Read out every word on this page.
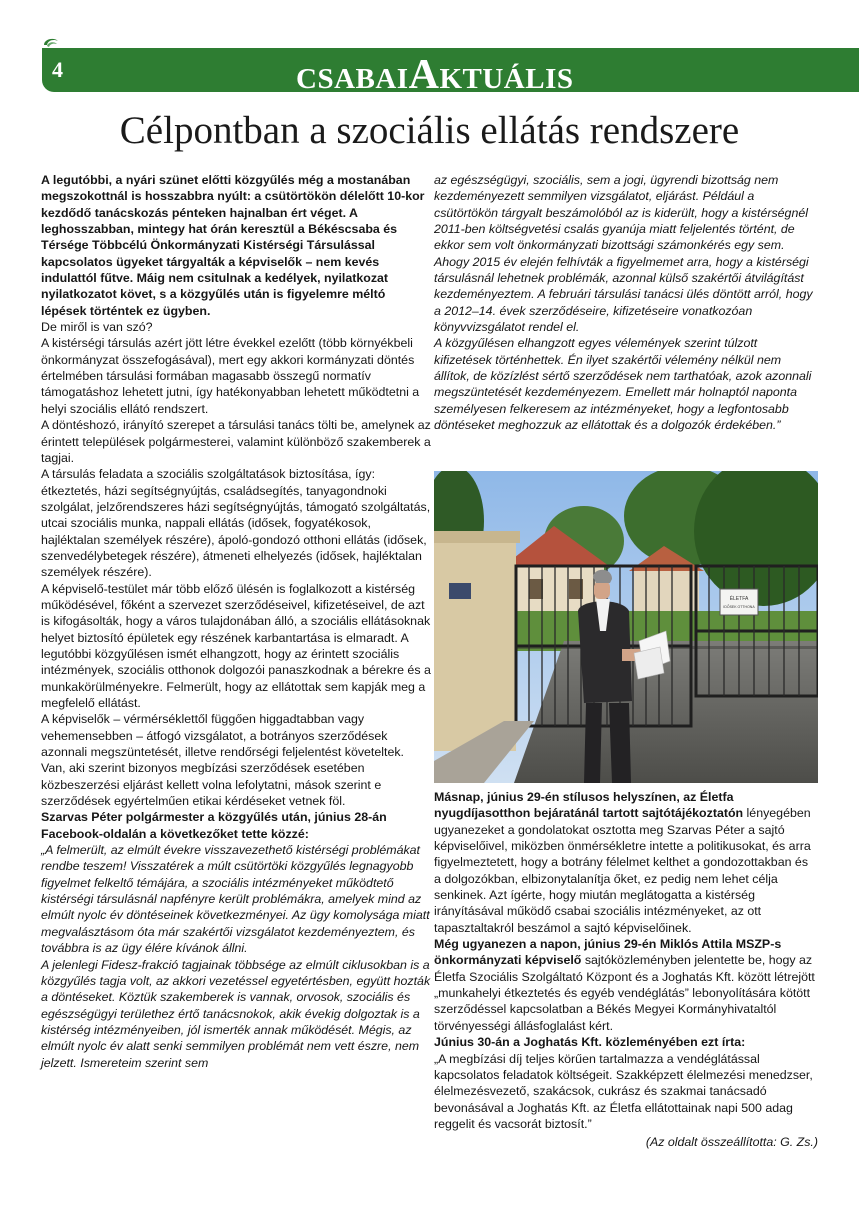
4	CSABAIAKTUÁLIS
Célpontban a szociális ellátás rendszere

A legutóbbi, a nyári szünet előtti közgyűlés még a mostanában megszokottnál is hosszabbra nyúlt: a csütörtökön délelőtt 10-kor kezdődő tanácskozás pénteken hajnalban ért véget. A leghosszabban, mintegy hat órán keresztül a Békéscsaba és Térsége Többcélú Önkormányzati Kistérségi Társulással kapcsolatos ügyeket tárgyalták a képviselők – nem kevés indulattól fűtve. Máig nem csitulnak a kedélyek, nyilatkozat nyilatkozatot követ, s a közgyűlés után is figyelemre méltó lépések történtek ez ügyben.

De miről is van szó?

A kistérségi társulás azért jött létre évekkel ezelőtt (több környékbeli önkormányzat összefogásával), mert egy akkori kormányzati döntés értelmében társulási formában magasabb összegű normatív támogatáshoz lehetett jutni, így hatékonyabban lehetett működtetni a helyi szociális ellátó rendszert.

A döntéshozó, irányító szerepet a társulási tanács tölti be, amelynek az érintett települések polgármesterei, valamint különböző szakemberek a tagjai.

A társulás feladata a szociális szolgáltatások biztosítása, így: étkeztetés, házi segítségnyújtás, családsegítés, tanyagondnoki szolgálat, jelzőrendszeres házi segítségnyújtás, támogató szolgáltatás, utcai szociális munka, nappali ellátás (idősek, fogyatékosok, hajléktalan személyek részére), ápoló-gondozó otthoni ellátás (idősek, szenvedélybetegek részére), átmeneti elhelyezés (idősek, hajléktalan személyek részére).

A képviselő-testület már több előző ülésén is foglalkozott a kistérség működésével, főként a szervezet szerződéseivel, kifizetéseivel, de azt is kifogásolták, hogy a város tulajdonában álló, a szociális ellátásoknak helyet biztosító épületek egy részének karbantartása is elmaradt. A legutóbbi közgyűlésen ismét elhangzott, hogy az érintett szociális intézmények, szociális otthonok dolgozói panaszkodnak a bérekre és a munkakörülményekre. Felmerült, hogy az ellátottak sem kapják meg a megfelelő ellátást.

A képviselők – vérmérséklettől függően higgadtabban vagy vehemensebben – átfogó vizsgálatot, a botrányos szerződések azonnali megszüntetését, illetve rendőrségi feljelentést követeltek. Van, aki szerint bizonyos megbízási szerződések esetében közbeszerzési eljárást kellett volna lefolytatni, mások szerint e szerződések egyértelműen etikai kérdéseket vetnek föl.

Szarvas Péter polgármester a közgyűlés után, június 28-án Facebook-oldalán a következőket tette közzé:

„A felmerült, az elmúlt évekre visszavezethető kistérségi problémákat rendbe teszem! Visszatérek a múlt csütörtöki közgyűlés legnagyobb figyelmet felkeltő témájára, a szociális intézményeket működtető kistérségi társulásnál napfényre került problémákra, amelyek mind az elmúlt nyolc év döntéseinek következményei. Az ügy komolysága miatt megvalásztásom óta már szakértői vizsgálatot kezdeményeztem, és továbbra is az ügy élére kívánok állni.

A jelenlegi Fidesz-frakció tagjainak többsége az elmúlt ciklusokban is a közgyűlés tagja volt, az akkori vezetéssel egyetértésben, együtt hozták a döntéseket. Köztük szakemberek is vannak, orvosok, szociális és egészségügyi területhez értő tanácsnokok, akik évekig dolgoztak is a kistérség intézményeiben, jól ismerték annak működését. Mégis, az elmúlt nyolc év alatt senki semmilyen problémát nem vett észre, nem jelzett. Ismereteim szerint sem

az egészségügyi, szociális, sem a jogi, ügyrendi bizottság nem kezdeményezett semmilyen vizsgálatot, eljárást. Például a csütörtökön tárgyalt beszámolóból az is kiderült, hogy a kistérségnél 2011-ben költségvetési csalás gyanúja miatt feljelentés történt, de ekkor sem volt önkormányzati bizottsági számonkérés egy sem.

Ahogy 2015 év elején felhívták a figyelmemet arra, hogy a kistérségi társulásnál lehetnek problémák, azonnal külső szakértői átvilágítást kezdeményeztem. A februári társulási tanácsi ülés döntött arról, hogy a 2012–14. évek szerződéseire, kifizetéseire vonatkozóan könyvvizsgálatot rendel el.

A közgyűlésen elhangzott egyes vélemények szerint túlzott kifizetések történhettek. Én ilyet szakértői vélemény nélkül nem állítok, de közízlést sértő szerződések nem tarthatóak, azok azonnali megszüntetését kezdeményezem. Emellett már holnaptól naponta személyesen felkeresem az intézményeket, hogy a legfontosabb döntéseket meghozzuk az ellátottak és a dolgozók érdekében.”

ÉLETFA
IDŐSEK OTTHONA

Másnap, június 29-én stílusos helyszínen, az Életfa nyugdíjasotthon bejáratánál tartott sajtótájékoztatón lényegében ugyanezeket a gondolatokat osztotta meg Szarvas Péter a sajtó képviselőivel, miközben önmérsékletre intette a politikusokat, és arra figyelmeztetett, hogy a botrány félelmet kelthet a gondozottakban és a dolgozókban, elbizonytalanítja őket, ez pedig nem lehet célja senkinek. Azt ígérte, hogy miután meglátogatta a kistérség irányításával működő csabai szociális intézményeket, az ott tapasztaltakról beszámol a sajtó képviselőinek.

Még ugyanezen a napon, június 29-én Miklós Attila MSZP-s önkormányzati képviselő sajtóközleményben jelentette be, hogy az Életfa Szociális Szolgáltató Központ és a Joghatás Kft. között létrejött „munkahelyi étkeztetés és egyéb vendéglátás” lebonyolítására kötött szerződéssel kapcsolatban a Békés Megyei Kormányhivataltól törvényességi állásfoglalást kért.

Június 30-án a Joghatás Kft. közleményében ezt írta:

„A megbízási díj teljes körűen tartalmazza a vendéglátással kapcsolatos feladatok költségeit. Szakképzett élelmezési menedzser, élelmezésvezető, szakácsok, cukrász és szakmai tanácsadó bevonásával a Joghatás Kft. az Életfa ellátottainak napi 500 adag reggelit és vacsorát biztosít.”

(Az oldalt összeállította: G. Zs.)
